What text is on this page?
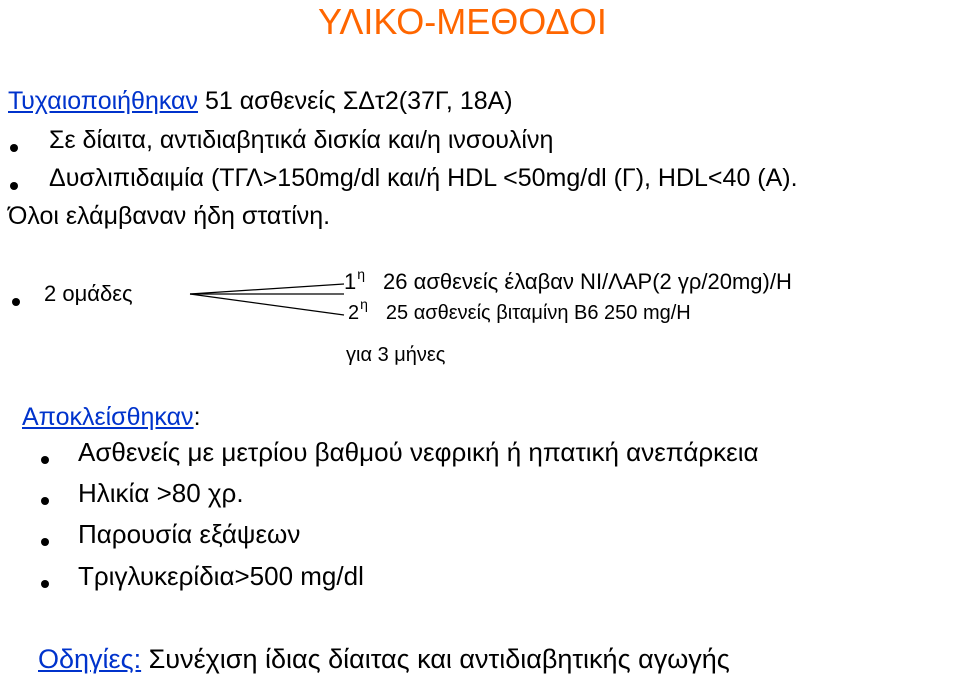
ΥΛΙΚΟ-ΜΕΘΟΔΟΙ
Τυχαιοποιήθηκαν 51 ασθενείς ΣΔτ2(37Γ, 18Α)
Σε δίαιτα, αντιδιαβητικά δισκία και/η ινσουλίνη
Δυσλιπιδαιμία (ΤΓΛ>150mg/dl και/ή HDL <50mg/dl (Γ), HDL<40 (Α).
Όλοι ελάμβαναν ήδη στατίνη.
2 ομάδες	$1^\eta$ 26 ασθενείς έλαβαν ΝΙ/ΛΑΡ(2 γρ/20mg)/Η
$2^\eta$ 25 ασθενείς βιταμίνη Β6 250 mg/Η
για 3 μήνες
Αποκλείσθηκαν:
Ασθενείς με μετρίου βαθμού νεφρική ή ηπατική ανεπάρκεια
Ηλικία >80 χρ.
Παρουσία εξάψεων
Τριγλυκερίδια>500 mg/dl
Οδηγίες: Συνέχιση ίδιας δίαιτας και αντιδιαβητικής αγωγής
